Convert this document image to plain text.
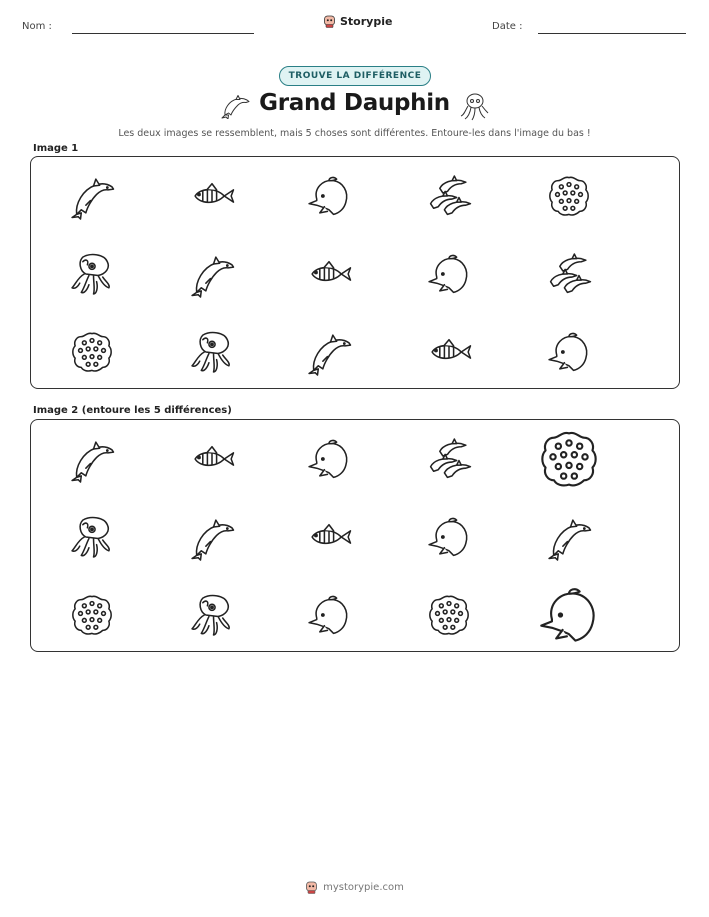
Nom :	Storypie	Date :
TROUVE LA DIFFÉRENCE
Grand Dauphin
Les deux images se ressemblent, mais 5 choses sont différentes. Entoure-les dans l'image du bas !
Image 1
Image 2 (entoure les 5 différences)
mystorypie.com
